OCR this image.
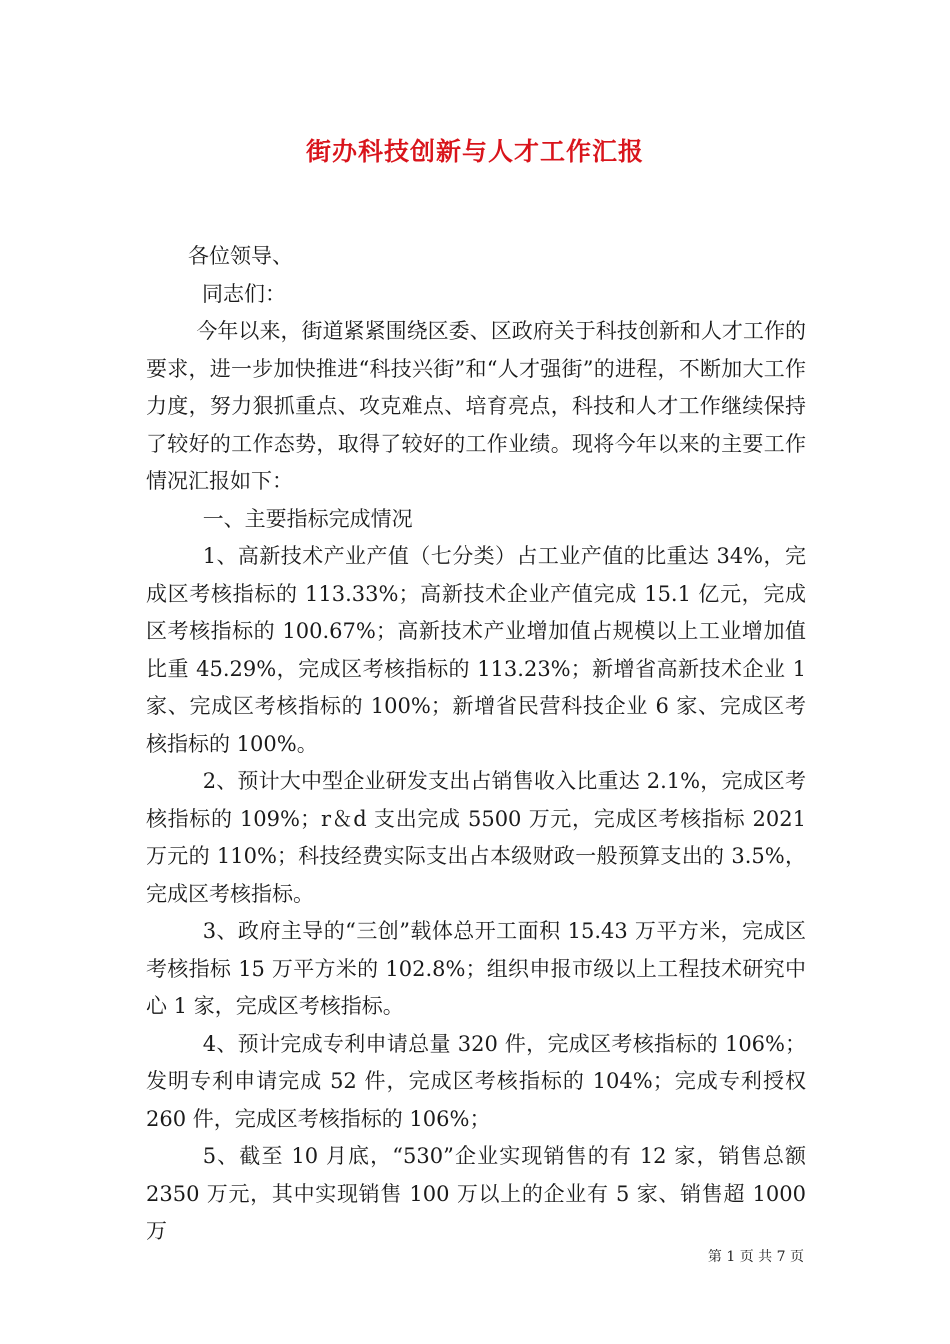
街办科技创新与人才工作汇报

各位领导、

同志们：

今年以来，街道紧紧围绕区委、区政府关于科技创新和人才工作的要求，进一步加快推进“科技兴街”和“人才强街”的进程，不断加大工作力度，努力狠抓重点、攻克难点、培育亮点，科技和人才工作继续保持了较好的工作态势，取得了较好的工作业绩。现将今年以来的主要工作情况汇报如下：

一、主要指标完成情况

1、高新技术产业产值（七分类）占工业产值的比重达 34%，完成区考核指标的 113.33%；高新技术企业产值完成 15.1 亿元，完成区考核指标的 100.67%；高新技术产业增加值占规模以上工业增加值比重 45.29%，完成区考核指标的 113.23%；新增省高新技术企业 1 家、完成区考核指标的 100%；新增省民营科技企业 6 家、完成区考核指标的 100%。

2、预计大中型企业研发支出占销售收入比重达 2.1%，完成区考核指标的 109%；r＆d 支出完成 5500 万元，完成区考核指标 2021 万元的 110%；科技经费实际支出占本级财政一般预算支出的 3.5%，完成区考核指标。

3、政府主导的“三创”载体总开工面积 15.43 万平方米，完成区考核指标 15 万平方米的 102.8%；组织申报市级以上工程技术研究中心 1 家，完成区考核指标。

4、预计完成专利申请总量 320 件，完成区考核指标的 106%；发明专利申请完成 52 件，完成区考核指标的 104%；完成专利授权 260 件，完成区考核指标的 106%；

5、截至 10 月底，“530”企业实现销售的有 12 家，销售总额 2350 万元，其中实现销售 100 万以上的企业有 5 家、销售超 1000 万

第 1 页 共 7 页
